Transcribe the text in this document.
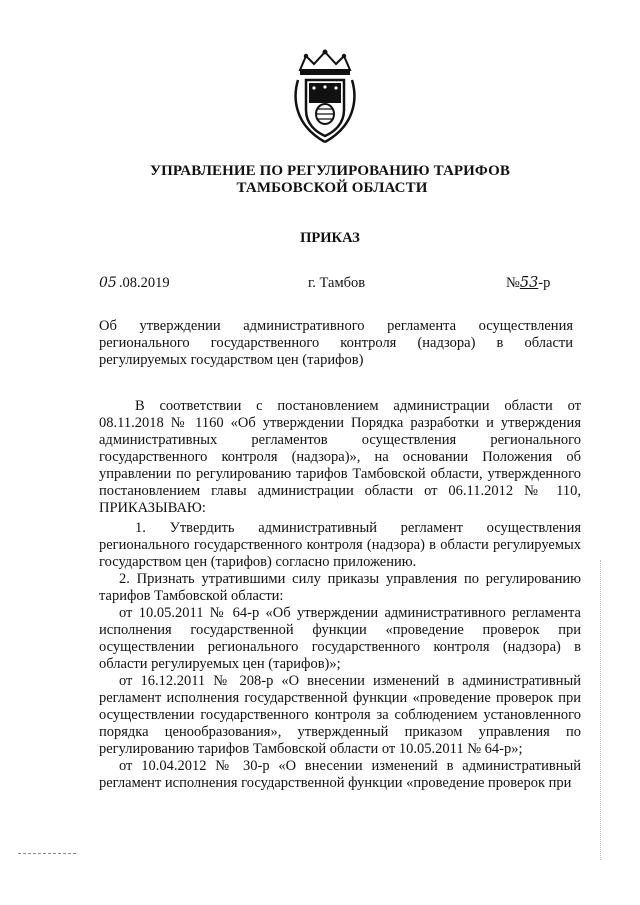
УПРАВЛЕНИЕ ПО РЕГУЛИРОВАНИЮ ТАРИФОВ
ТАМБОВСКОЙ ОБЛАСТИ
ПРИКАЗ
05 .08.2019	г. Тамбов	№53-р
Об утверждении административного регламента осуществления регионального государственного контроля (надзора) в области регулируемых государством цен (тарифов)

В соответствии с постановлением администрации области от 08.11.2018 № 1160 «Об утверждении Порядка разработки и утверждения административных регламентов осуществления регионального государственного контроля (надзора)», на основании Положения об управлении по регулированию тарифов Тамбовской области, утвержденного постановлением главы администрации области от 06.11.2012 № 110, ПРИКАЗЫВАЮ:

1. Утвердить административный регламент осуществления регионального государственного контроля (надзора) в области регулируемых государством цен (тарифов) согласно приложению.

2. Признать утратившими силу приказы управления по регулированию тарифов Тамбовской области:

от 10.05.2011 № 64-р «Об утверждении административного регламента исполнения государственной функции «проведение проверок при осуществлении регионального государственного контроля (надзора) в области регулируемых цен (тарифов)»;

от 16.12.2011 № 208-р «О внесении изменений в административный регламент исполнения государственной функции «проведение проверок при осуществлении государственного контроля за соблюдением установленного порядка ценообразования», утвержденный приказом управления по регулированию тарифов Тамбовской области от 10.05.2011 № 64-р»;

от 10.04.2012 № 30-р «О внесении изменений в административный регламент исполнения государственной функции «проведение проверок при
